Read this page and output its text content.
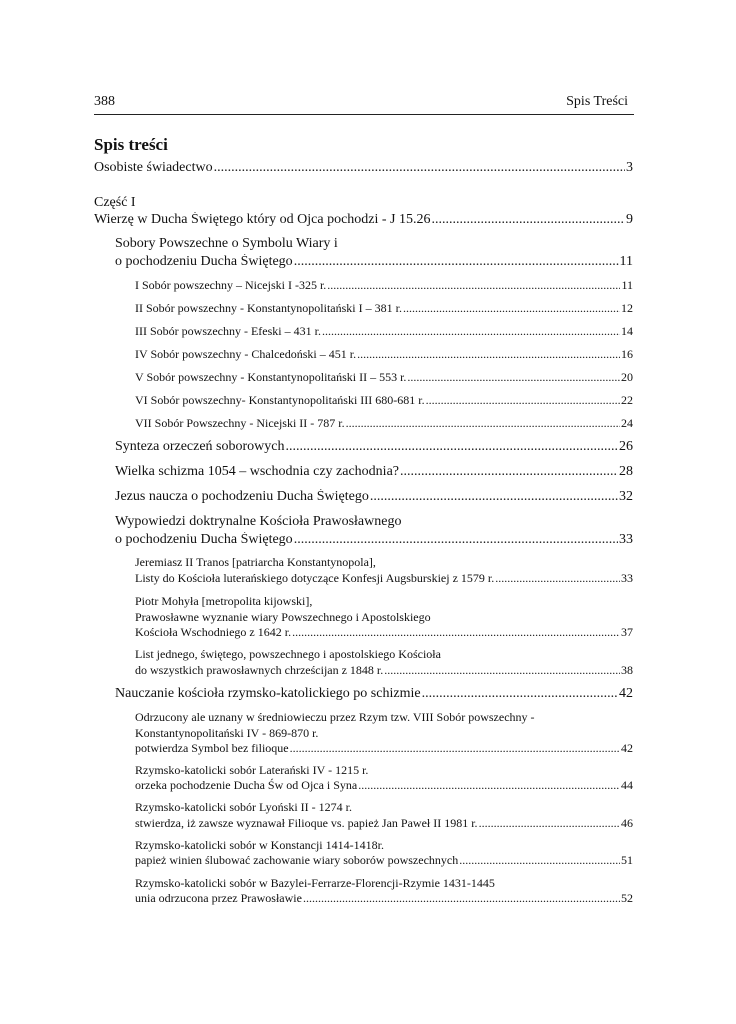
388	Spis Treści
Spis treści
Osobiste świadectwo .....	3
Część I
Wierzę w Ducha Świętego który od Ojca pochodzi - J 15.26 .....	9
Sobory Powszechne o Symbolu Wiary i
o pochodzeniu Ducha Świętego .....	11
I Sobór powszechny – Nicejski I -325 r. .....	11
II Sobór powszechny - Konstantynopolitański I – 381 r. .....	12
III Sobór powszechny - Efeski – 431 r. .....	14
IV Sobór powszechny - Chalcedoński – 451 r. .....	16
V Sobór powszechny - Konstantynopolitański II – 553 r. .....	20
VI Sobór powszechny- Konstantynopolitański III 680-681 r. .....	22
VII Sobór Powszechny - Nicejski II - 787 r. .....	24
Synteza orzeczeń soborowych .....	26
Wielka schizma 1054 – wschodnia czy zachodnia? .....	28
Jezus naucza o pochodzeniu Ducha Świętego .....	32
Wypowiedzi doktrynalne Kościoła Prawosławnego
o pochodzeniu Ducha Świętego .....	33
Jeremiasz II Tranos [patriarcha Konstantynopola],
Listy do Kościoła luterańskiego dotyczące Konfesji Augsburskiej z 1579 r. .....	33
Piotr Mohyła [metropolita kijowski],
Prawosławne wyznanie wiary Powszechnego i Apostolskiego
Kościoła Wschodniego z 1642 r. .....	37
List jednego, świętego, powszechnego i apostolskiego Kościoła
do wszystkich prawosławnych chrześcijan z 1848 r. .....	38
Nauczanie kościoła rzymsko-katolickiego po schizmie .....	42
Odrzucony ale uznany w średniowieczu przez Rzym tzw. VIII Sobór powszechny -
Konstantynopolitański IV - 869-870 r.
potwierdza Symbol bez filioque .....	42
Rzymsko-katolicki sobór Laterański IV - 1215 r.
orzeka pochodzenie Ducha Św od Ojca i Syna .....	44
Rzymsko-katolicki sobór Lyoński II - 1274 r.
stwierdza, iż zawsze wyznawał Filioque vs. papież Jan Paweł II 1981 r. .....	46
Rzymsko-katolicki sobór w Konstancji 1414-1418r.
papież winien ślubować zachowanie wiary soborów powszechnych .....	51
Rzymsko-katolicki sobór w Bazylei-Ferrarze-Florencji-Rzymie 1431-1445
unia odrzucona przez Prawosławie .....	52
